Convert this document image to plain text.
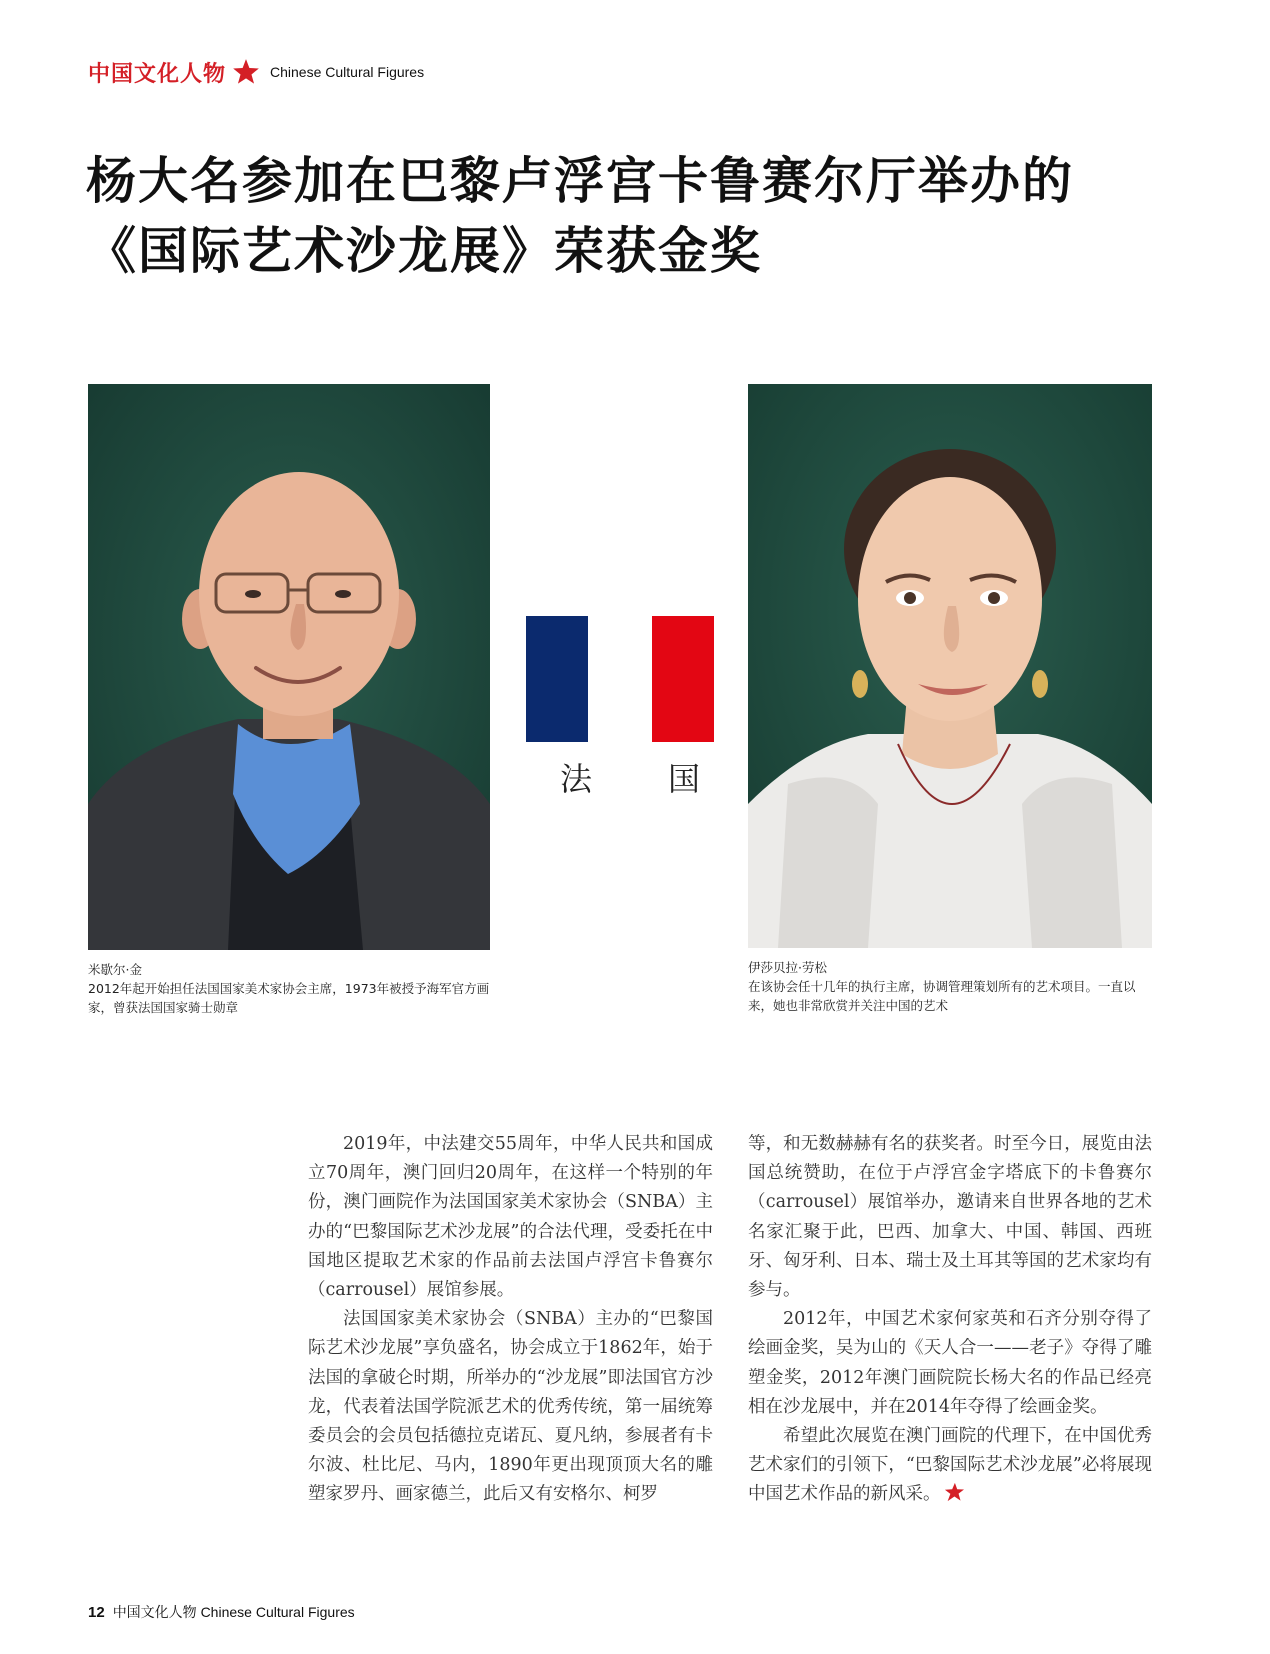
中国文化人物	Chinese Cultural Figures
杨大名参加在巴黎卢浮宫卡鲁赛尔厅举办的
《国际艺术沙龙展》荣获金奖
法 国
米歇尔·金
2012年起开始担任法国国家美术家协会主席，1973年被授予海军官方画家，曾获法国国家骑士勋章
伊莎贝拉·劳松
在该协会任十几年的执行主席，协调管理策划所有的艺术项目。一直以来，她也非常欣赏并关注中国的艺术

2019年，中法建交55周年，中华人民共和国成立70周年，澳门回归20周年，在这样一个特别的年份，澳门画院作为法国国家美术家协会（SNBA）主办的“巴黎国际艺术沙龙展”的合法代理，受委托在中国地区提取艺术家的作品前去法国卢浮宫卡鲁赛尔（carrousel）展馆参展。

法国国家美术家协会（SNBA）主办的“巴黎国际艺术沙龙展”享负盛名，协会成立于1862年，始于法国的拿破仑时期，所举办的“沙龙展”即法国官方沙龙，代表着法国学院派艺术的优秀传统，第一届统筹委员会的会员包括德拉克诺瓦、夏凡纳，参展者有卡尔波、杜比尼、马内，1890年更出现顶顶大名的雕塑家罗丹、画家德兰，此后又有安格尔、柯罗

等，和无数赫赫有名的获奖者。时至今日，展览由法国总统赞助，在位于卢浮宫金字塔底下的卡鲁赛尔（carrousel）展馆举办，邀请来自世界各地的艺术名家汇聚于此，巴西、加拿大、中国、韩国、西班牙、匈牙利、日本、瑞士及土耳其等国的艺术家均有参与。

2012年，中国艺术家何家英和石齐分别夺得了绘画金奖，吴为山的《天人合一——老子》夺得了雕塑金奖，2012年澳门画院院长杨大名的作品已经亮相在沙龙展中，并在2014年夺得了绘画金奖。

希望此次展览在澳门画院的代理下，在中国优秀艺术家们的引领下，“巴黎国际艺术沙龙展”必将展现中国艺术作品的新风采。

12 中国文化人物 Chinese Cultural Figures
